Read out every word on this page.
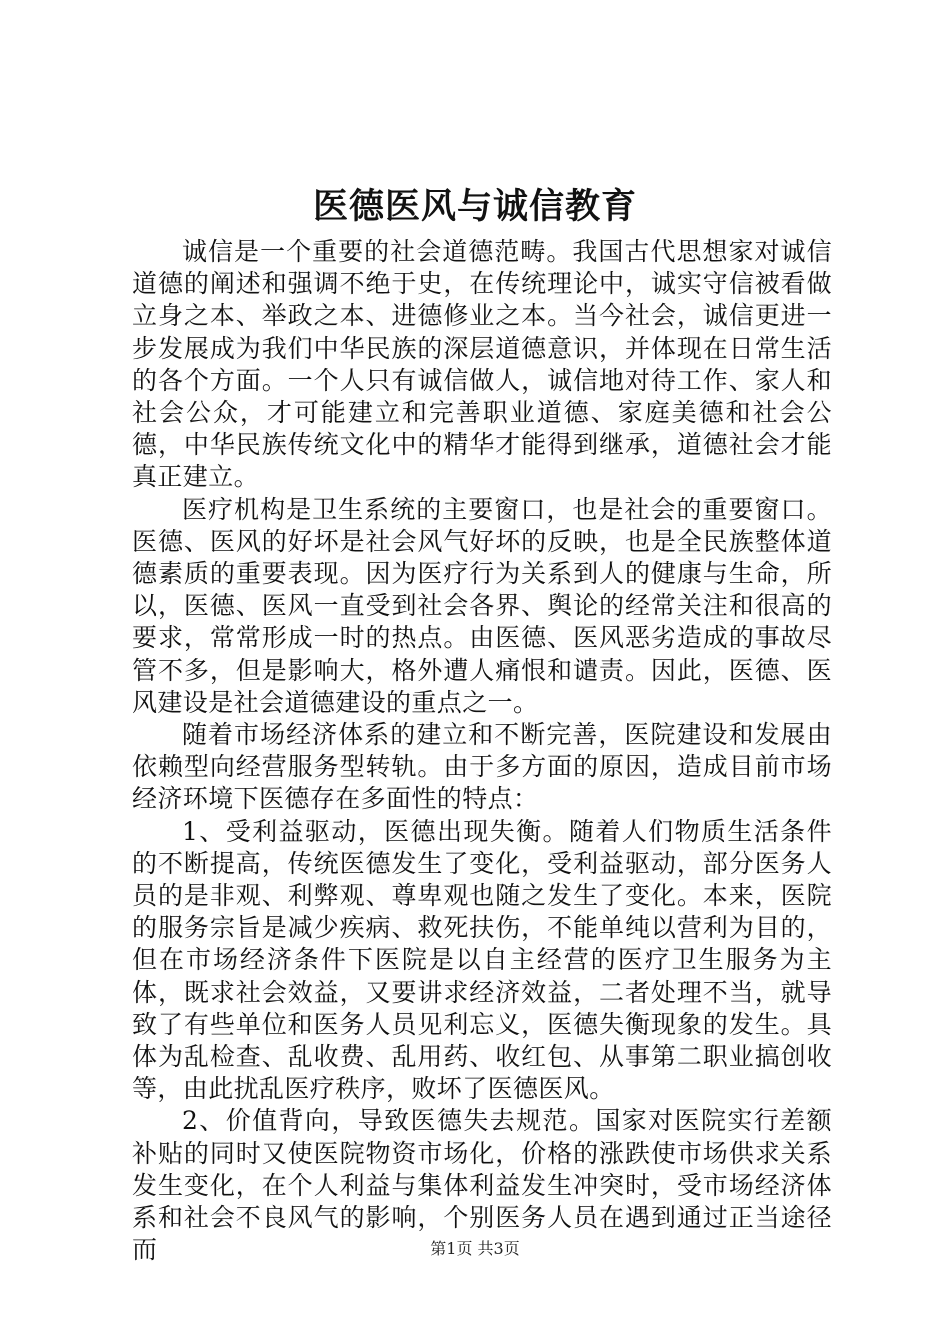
医德医风与诚信教育

诚信是一个重要的社会道德范畴。我国古代思想家对诚信道德的阐述和强调不绝于史，在传统理论中，诚实守信被看做立身之本、举政之本、进德修业之本。当今社会，诚信更进一步发展成为我们中华民族的深层道德意识，并体现在日常生活的各个方面。一个人只有诚信做人，诚信地对待工作、家人和社会公众，才可能建立和完善职业道德、家庭美德和社会公德，中华民族传统文化中的精华才能得到继承，道德社会才能真正建立。

医疗机构是卫生系统的主要窗口，也是社会的重要窗口。医德、医风的好坏是社会风气好坏的反映，也是全民族整体道德素质的重要表现。因为医疗行为关系到人的健康与生命，所以，医德、医风一直受到社会各界、舆论的经常关注和很高的要求，常常形成一时的热点。由医德、医风恶劣造成的事故尽管不多，但是影响大，格外遭人痛恨和谴责。因此，医德、医风建设是社会道德建设的重点之一。

随着市场经济体系的建立和不断完善，医院建设和发展由依赖型向经营服务型转轨。由于多方面的原因，造成目前市场经济环境下医德存在多面性的特点：

1、受利益驱动，医德出现失衡。随着人们物质生活条件的不断提高，传统医德发生了变化，受利益驱动，部分医务人员的是非观、利弊观、尊卑观也随之发生了变化。本来，医院的服务宗旨是减少疾病、救死扶伤，不能单纯以营利为目的，但在市场经济条件下医院是以自主经营的医疗卫生服务为主体，既求社会效益，又要讲求经济效益，二者处理不当，就导致了有些单位和医务人员见利忘义，医德失衡现象的发生。具体为乱检查、乱收费、乱用药、收红包、从事第二职业搞创收等，由此扰乱医疗秩序，败坏了医德医风。

2、价值背向，导致医德失去规范。国家对医院实行差额补贴的同时又使医院物资市场化，价格的涨跌使市场供求关系发生变化，在个人利益与集体利益发生冲突时，受市场经济体系和社会不良风气的影响，个别医务人员在遇到通过正当途径而	第1页 共3页
